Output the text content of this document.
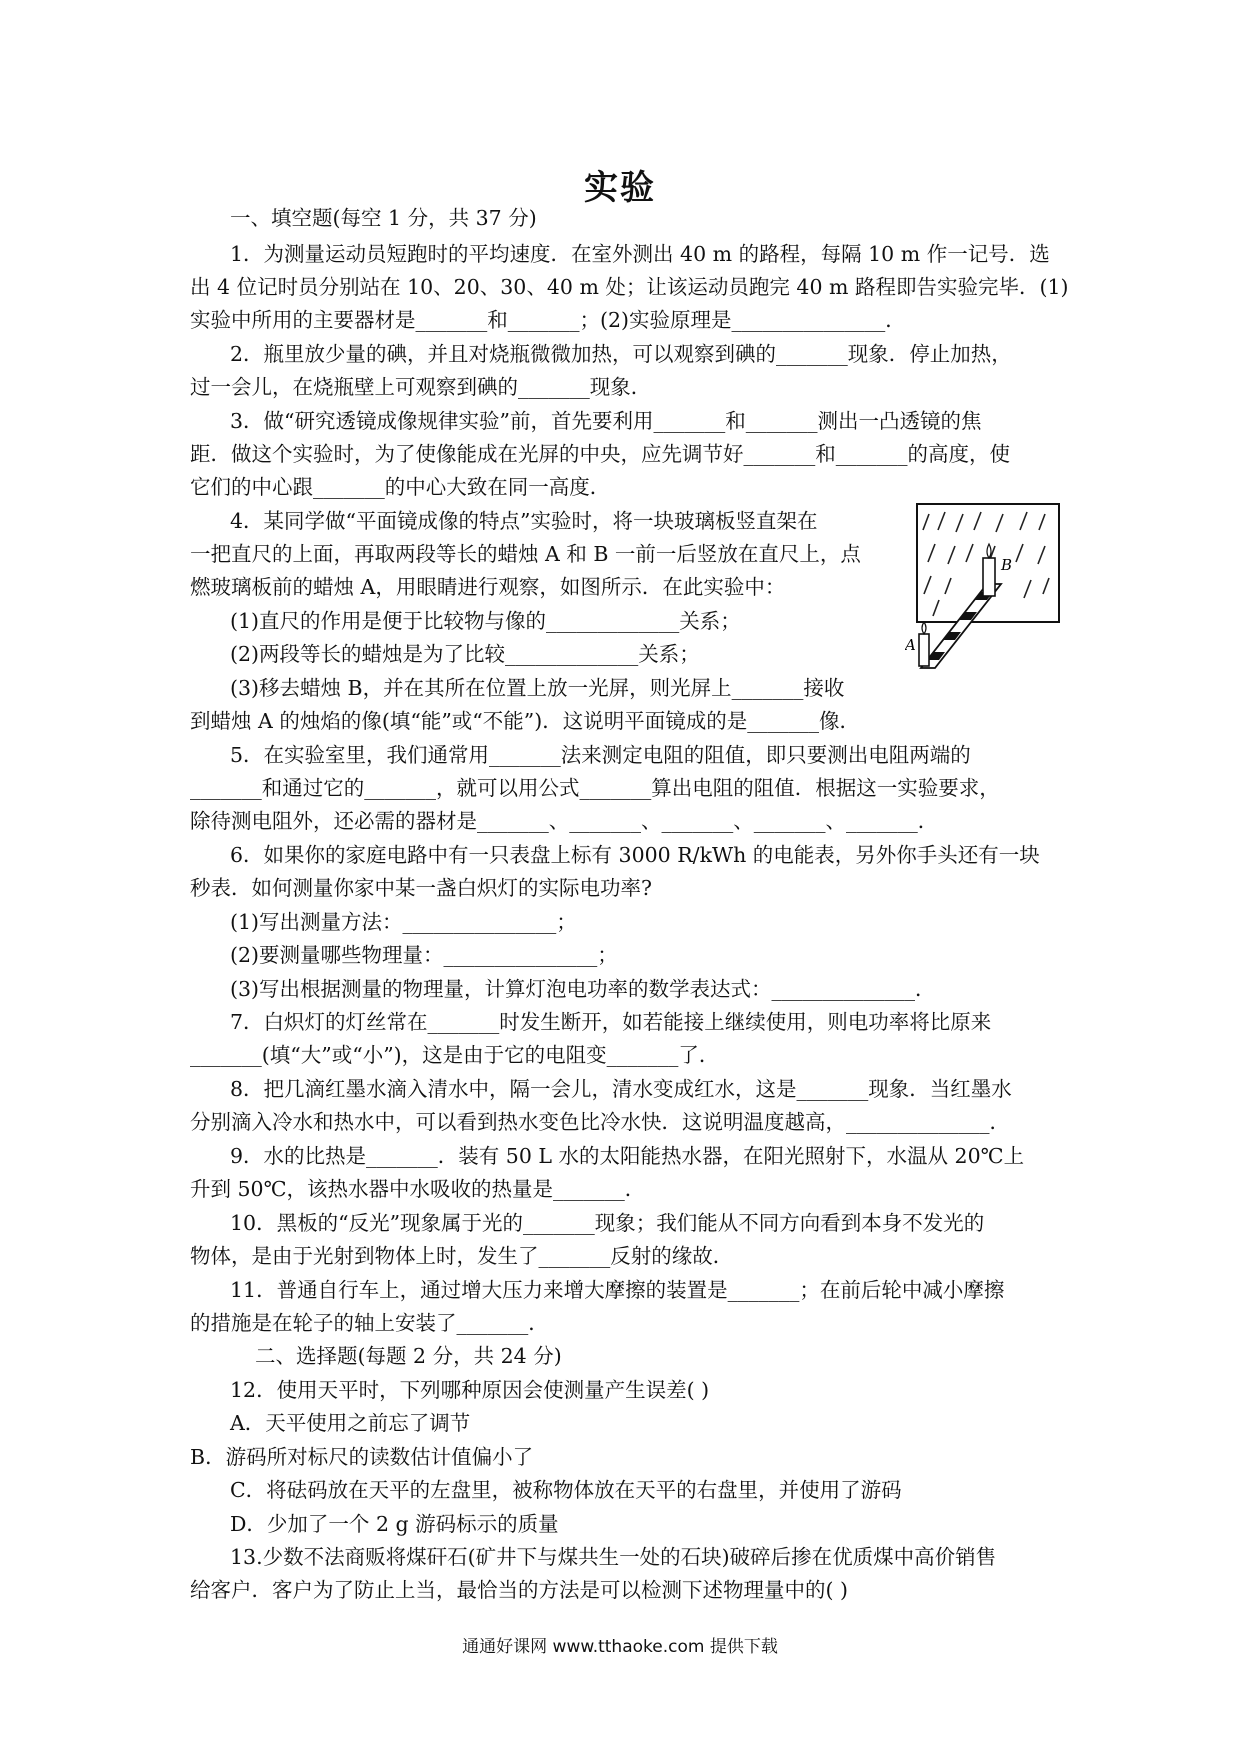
实验
一、填空题(每空 1 分，共 37 分)
1．为测量运动员短跑时的平均速度．在室外测出 40 m 的路程，每隔 10 m 作一记号．选
出 4 位记时员分别站在 10、20、30、40 m 处；让该运动员跑完 40 m 路程即告实验完毕．(1)
实验中所用的主要器材是_______和_______；(2)实验原理是_______________．
2．瓶里放少量的碘，并且对烧瓶微微加热，可以观察到碘的_______现象．停止加热，
过一会儿，在烧瓶壁上可观察到碘的_______现象．
3．做“研究透镜成像规律实验”前，首先要利用_______和_______测出一凸透镜的焦
距．做这个实验时，为了使像能成在光屏的中央，应先调节好_______和_______的高度，使
它们的中心跟_______的中心大致在同一高度．
4．某同学做“平面镜成像的特点”实验时，将一块玻璃板竖直架在
一把直尺的上面，再取两段等长的蜡烛 A 和 B 一前一后竖放在直尺上，点
燃玻璃板前的蜡烛 A，用眼睛进行观察，如图所示．在此实验中：
(1)直尺的作用是便于比较物与像的_____________关系；
(2)两段等长的蜡烛是为了比较_____________关系；
(3)移去蜡烛 B，并在其所在位置上放一光屏，则光屏上_______接收
到蜡烛 A 的烛焰的像(填“能”或“不能”)．这说明平面镜成的是_______像．
5．在实验室里，我们通常用_______法来测定电阻的阻值，即只要测出电阻两端的
_______和通过它的_______，就可以用公式_______算出电阻的阻值．根据这一实验要求，
除待测电阻外，还必需的器材是_______、_______、_______、_______、_______．
6．如果你的家庭电路中有一只表盘上标有 3000 R/kWh 的电能表，另外你手头还有一块
秒表．如何测量你家中某一盏白炽灯的实际电功率?
(1)写出测量方法：_______________；
(2)要测量哪些物理量：_______________；
(3)写出根据测量的物理量，计算灯泡电功率的数学表达式：______________．
7．白炽灯的灯丝常在_______时发生断开，如若能接上继续使用，则电功率将比原来
_______(填“大”或“小”)，这是由于它的电阻变_______了．
8．把几滴红墨水滴入清水中，隔一会儿，清水变成红水，这是_______现象．当红墨水
分别滴入冷水和热水中，可以看到热水变色比冷水快．这说明温度越高，______________．
9．水的比热是_______．装有 50 L 水的太阳能热水器，在阳光照射下，水温从 20℃上
升到 50℃，该热水器中水吸收的热量是_______．
10．黑板的“反光”现象属于光的_______现象；我们能从不同方向看到本身不发光的
物体，是由于光射到物体上时，发生了_______反射的缘故．
11．普通自行车上，通过增大压力来增大摩擦的装置是_______；在前后轮中减小摩擦
的措施是在轮子的轴上安装了_______．
二、选择题(每题 2 分，共 24 分)
12．使用天平时，下列哪种原因会使测量产生误差( )
A．天平使用之前忘了调节
B．游码所对标尺的读数估计值偏小了
C．将砝码放在天平的左盘里，被称物体放在天平的右盘里，并使用了游码
D．少加了一个 2 g 游码标示的质量
13.少数不法商贩将煤矸石(矿井下与煤共生一处的石块)破碎后掺在优质煤中高价销售
给客户．客户为了防止上当，最恰当的方法是可以检测下述物理量中的( )
B
A
通通好课网 www.tthaoke.com 提供下载
